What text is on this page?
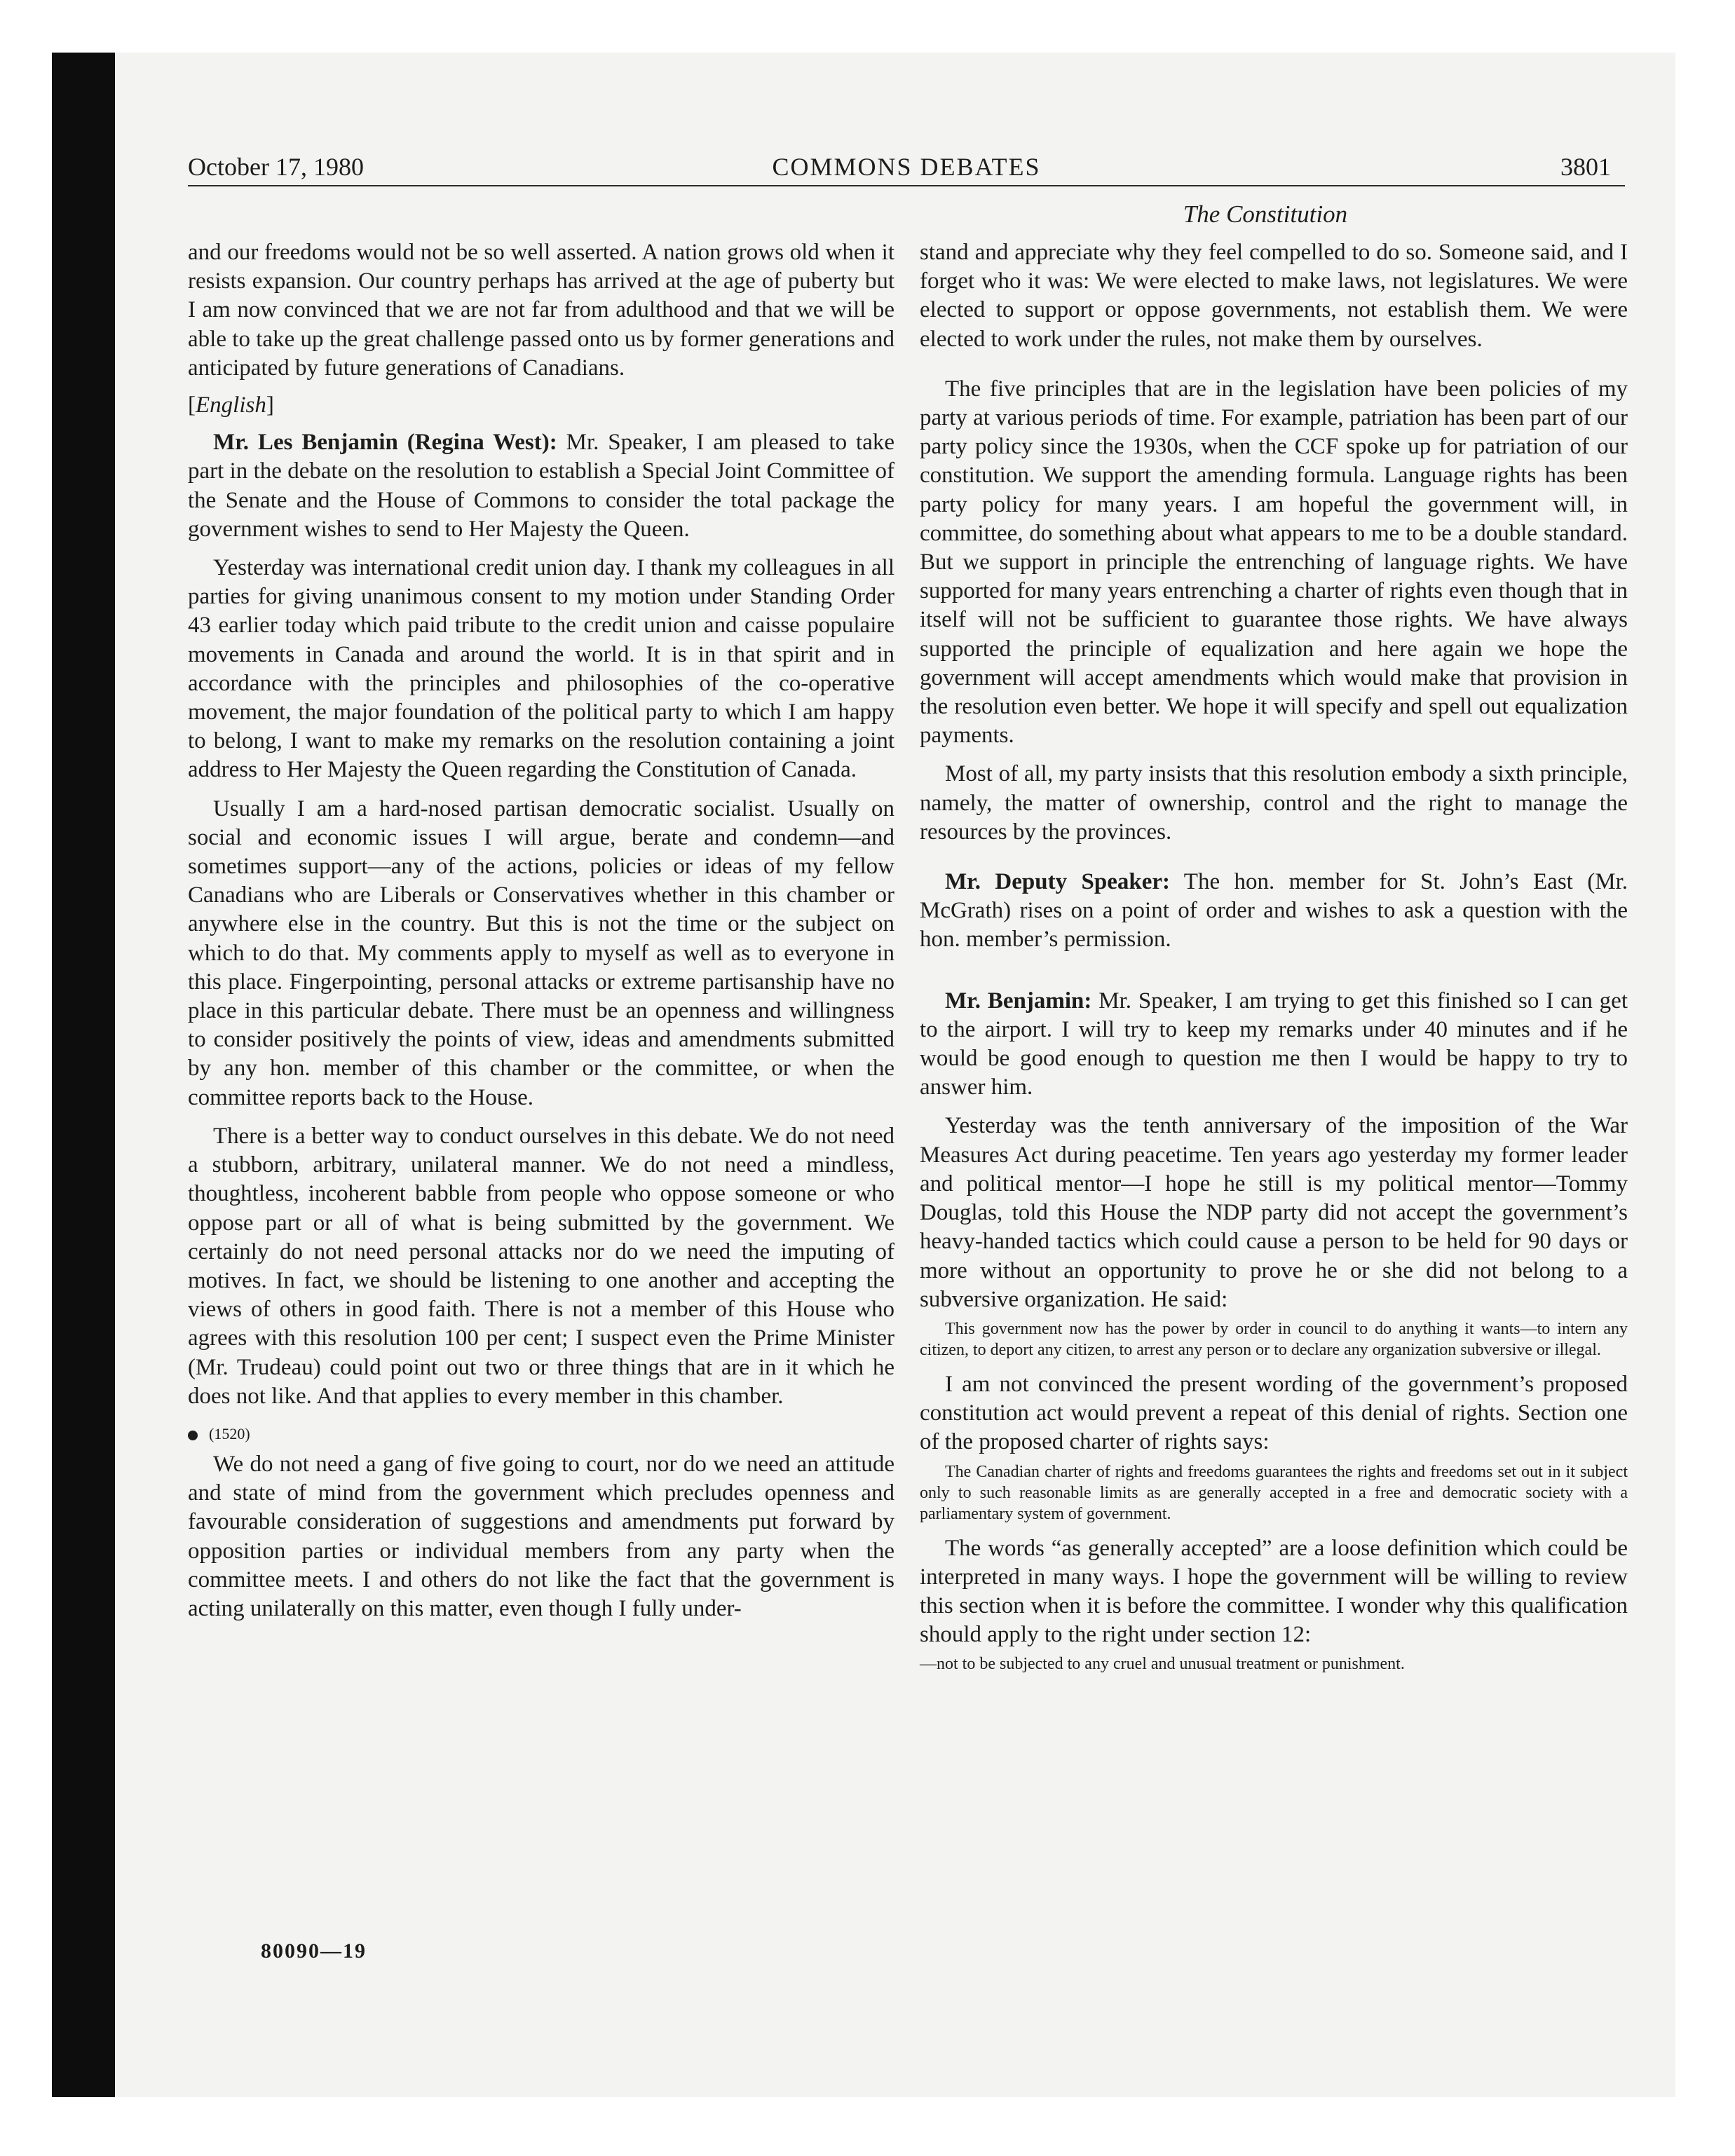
October 17, 1980	COMMONS DEBATES	3801
The Constitution

and our freedoms would not be so well asserted. A nation grows old when it resists expansion. Our country perhaps has arrived at the age of puberty but I am now convinced that we are not far from adulthood and that we will be able to take up the great challenge passed onto us by former generations and anticipated by future generations of Canadians.

[English]

Mr. Les Benjamin (Regina West): Mr. Speaker, I am pleased to take part in the debate on the resolution to establish a Special Joint Committee of the Senate and the House of Commons to consider the total package the government wishes to send to Her Majesty the Queen.

Yesterday was international credit union day. I thank my colleagues in all parties for giving unanimous consent to my motion under Standing Order 43 earlier today which paid tribute to the credit union and caisse populaire movements in Canada and around the world. It is in that spirit and in accordance with the principles and philosophies of the co-operative movement, the major foundation of the political party to which I am happy to belong, I want to make my remarks on the resolution containing a joint address to Her Majesty the Queen regarding the Constitution of Canada.

Usually I am a hard-nosed partisan democratic socialist. Usually on social and economic issues I will argue, berate and condemn—and sometimes support—any of the actions, policies or ideas of my fellow Canadians who are Liberals or Conservatives whether in this chamber or anywhere else in the country. But this is not the time or the subject on which to do that. My comments apply to myself as well as to everyone in this place. Fingerpointing, personal attacks or extreme partisanship have no place in this particular debate. There must be an openness and willingness to consider positively the points of view, ideas and amendments submitted by any hon. member of this chamber or the committee, or when the committee reports back to the House.

There is a better way to conduct ourselves in this debate. We do not need a stubborn, arbitrary, unilateral manner. We do not need a mindless, thoughtless, incoherent babble from people who oppose someone or who oppose part or all of what is being submitted by the government. We certainly do not need personal attacks nor do we need the imputing of motives. In fact, we should be listening to one another and accepting the views of others in good faith. There is not a member of this House who agrees with this resolution 100 per cent; I suspect even the Prime Minister (Mr. Trudeau) could point out two or three things that are in it which he does not like. And that applies to every member in this chamber.

(1520)

We do not need a gang of five going to court, nor do we need an attitude and state of mind from the government which precludes openness and favourable consideration of suggestions and amendments put forward by opposition parties or individual members from any party when the committee meets. I and others do not like the fact that the government is acting unilaterally on this matter, even though I fully under-

stand and appreciate why they feel compelled to do so. Someone said, and I forget who it was: We were elected to make laws, not legislatures. We were elected to support or oppose governments, not establish them. We were elected to work under the rules, not make them by ourselves.

The five principles that are in the legislation have been policies of my party at various periods of time. For example, patriation has been part of our party policy since the 1930s, when the CCF spoke up for patriation of our constitution. We support the amending formula. Language rights has been party policy for many years. I am hopeful the government will, in committee, do something about what appears to me to be a double standard. But we support in principle the entrenching of language rights. We have supported for many years entrenching a charter of rights even though that in itself will not be sufficient to guarantee those rights. We have always supported the principle of equalization and here again we hope the government will accept amendments which would make that provision in the resolution even better. We hope it will specify and spell out equalization payments.

Most of all, my party insists that this resolution embody a sixth principle, namely, the matter of ownership, control and the right to manage the resources by the provinces.

Mr. Deputy Speaker: The hon. member for St. John’s East (Mr. McGrath) rises on a point of order and wishes to ask a question with the hon. member’s permission.

Mr. Benjamin: Mr. Speaker, I am trying to get this finished so I can get to the airport. I will try to keep my remarks under 40 minutes and if he would be good enough to question me then I would be happy to try to answer him.

Yesterday was the tenth anniversary of the imposition of the War Measures Act during peacetime. Ten years ago yesterday my former leader and political mentor—I hope he still is my political mentor—Tommy Douglas, told this House the NDP party did not accept the government’s heavy-handed tactics which could cause a person to be held for 90 days or more without an opportunity to prove he or she did not belong to a subversive organization. He said:

This government now has the power by order in council to do anything it wants—to intern any citizen, to deport any citizen, to arrest any person or to declare any organization subversive or illegal.

I am not convinced the present wording of the government’s proposed constitution act would prevent a repeat of this denial of rights. Section one of the proposed charter of rights says:

The Canadian charter of rights and freedoms guarantees the rights and freedoms set out in it subject only to such reasonable limits as are generally accepted in a free and democratic society with a parliamentary system of government.

The words “as generally accepted” are a loose definition which could be interpreted in many ways. I hope the government will be willing to review this section when it is before the committee. I wonder why this qualification should apply to the right under section 12:

—not to be subjected to any cruel and unusual treatment or punishment.

80090—19
